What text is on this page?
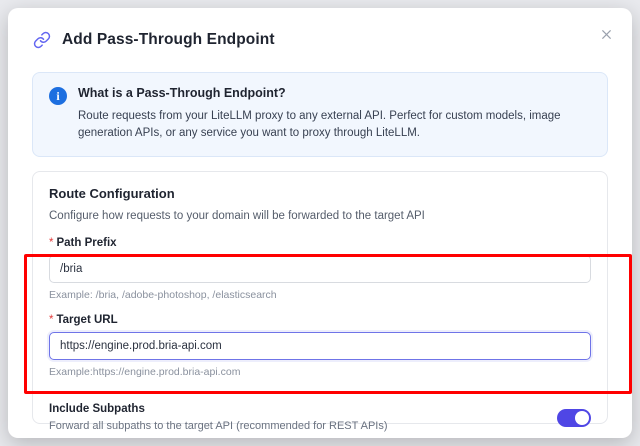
Add Pass-Through Endpoint
i	What is a Pass-Through Endpoint?
Route requests from your LiteLLM proxy to any external API. Perfect for custom models, image generation APIs, or any service you want to proxy through LiteLLM.
Route Configuration
Configure how requests to your domain will be forwarded to the target API
* Path Prefix
/bria
Example: /bria, /adobe-photoshop, /elasticsearch
* Target URL
https://engine.prod.bria-api.com
Example:https://engine.prod.bria-api.com
Include Subpaths
Forward all subpaths to the target API (recommended for REST APIs)
